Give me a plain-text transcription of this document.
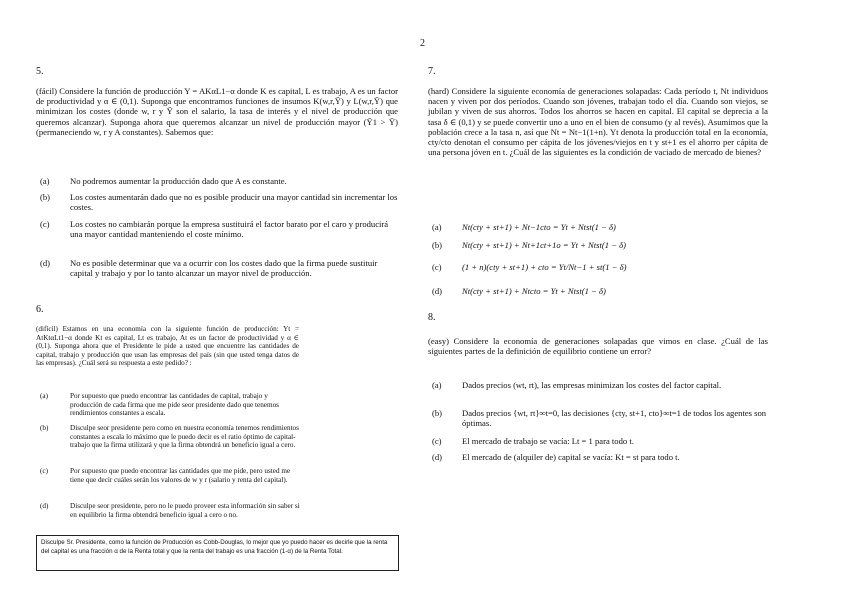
2
5.
(fácil) Considere la función de producción Y = AKαL1−α donde K es capital, L es trabajo, A es un factor de productividad y α ∈ (0,1). Suponga que encontramos funciones de insumos K(w,r,Ȳ) y L(w,r,Ȳ) que minimizan los costes (donde w, r y Ȳ son el salario, la tasa de interés y el nivel de producción que queremos alcanzar). Suponga ahora que queremos alcanzar un nivel de producción mayor (Ȳ1 > Ȳ) (permaneciendo w, r y A constantes). Sabemos que:
(a) No podremos aumentar la producción dado que A es constante.
(b) Los costes aumentarán dado que no es posible producir una mayor cantidad sin incrementar los costes.
(c) Los costes no cambiarán porque la empresa sustituirá el factor barato por el caro y producirá una mayor cantidad manteniendo el coste mínimo.
(d) No es posible determinar que va a ocurrir con los costes dado que la firma puede sustituir capital y trabajo y por lo tanto alcanzar un mayor nivel de producción.
6.
(difícil) Estamos en una economía con la siguiente función de producción: Yt = AtKtαLt1−α donde Kt es capital, Lt es trabajo, At es un factor de productividad y α ∈ (0,1). Suponga ahora que el Presidente le pide a usted que encuentre las cantidades de capital, trabajo y producción que usan las empresas del país (sin que usted tenga datos de las empresas). ¿Cuál será su respuesta a este pedido? :
(a)	Por supuesto que puedo encontrar las cantidades de capital, trabajo y producción de cada firma que me pide seor presidente dado que tenemos rendimientos constantes a escala.
(b)	Disculpe seor presidente pero como en nuestra economía tenemos rendimientos constantes a escala lo máximo que le puedo decir es el ratio óptimo de capital-trabajo que la firma utilizará y que la firma obtendrá un beneficio igual a cero.
(c)	Por supuesto que puedo encontrar las cantidades que me pide, pero usted me tiene que decir cuáles serán los valores de w y r (salario y renta del capital).
(d)	Disculpe seor presidente, pero no le puedo proveer esta información sin saber si en equilibrio la firma obtendrá beneficio igual a cero o no.
Disculpe Sr. Presidente, como la función de Producción es Cobb-Douglas, lo mejor que yo puedo hacer es decirle que la renta del capital es una fracción α de la Renta total y que la renta del trabajo es una fracción (1-α) de la Renta Total.
7.
(hard) Considere la siguiente economía de generaciones solapadas: Cada período t, Nt individuos nacen y viven por dos períodos. Cuando son jóvenes, trabajan todo el día. Cuando son viejos, se jubilan y viven de sus ahorros. Todos los ahorros se hacen en capital. El capital se deprecia a la tasa δ ∈ (0,1) y se puede convertir uno a uno en el bien de consumo (y al revés). Asumimos que la población crece a la tasa n, así que Nt = Nt−1(1+n). Yt denota la producción total en la economía, cty/cto denotan el consumo per cápita de los jóvenes/viejos en t y st+1 es el ahorro per cápita de una persona jóven en t. ¿Cuál de las siguientes es la condición de vaciado de mercado de bienes?
(a) Nt(cty + st+1) + Nt−1cto = Yt + Ntst(1 − δ)
(b) Nt(cty + st+1) + Nt+1ct+1o = Yt + Ntst(1 − δ)
(c) (1 + n)(cty + st+1) + cto = Yt/Nt−1 + st(1 − δ)
(d) Nt(cty + st+1) + Ntcto = Yt + Ntst(1 − δ)
8.
(easy) Considere la economía de generaciones solapadas que vimos en clase. ¿Cuál de las siguientes partes de la definición de equilibrio contiene un error?
(a) Dados precios (wt, rt), las empresas minimizan los costes del factor capital.
(b) Dados precios {wt, rt}∞t=0, las decisiones {cty, st+1, cto}∞t=1 de todos los agentes son óptimas.
(c) El mercado de trabajo se vacía: Lt = 1 para todo t.
(d) El mercado de (alquiler de) capital se vacía: Kt = st para todo t.
